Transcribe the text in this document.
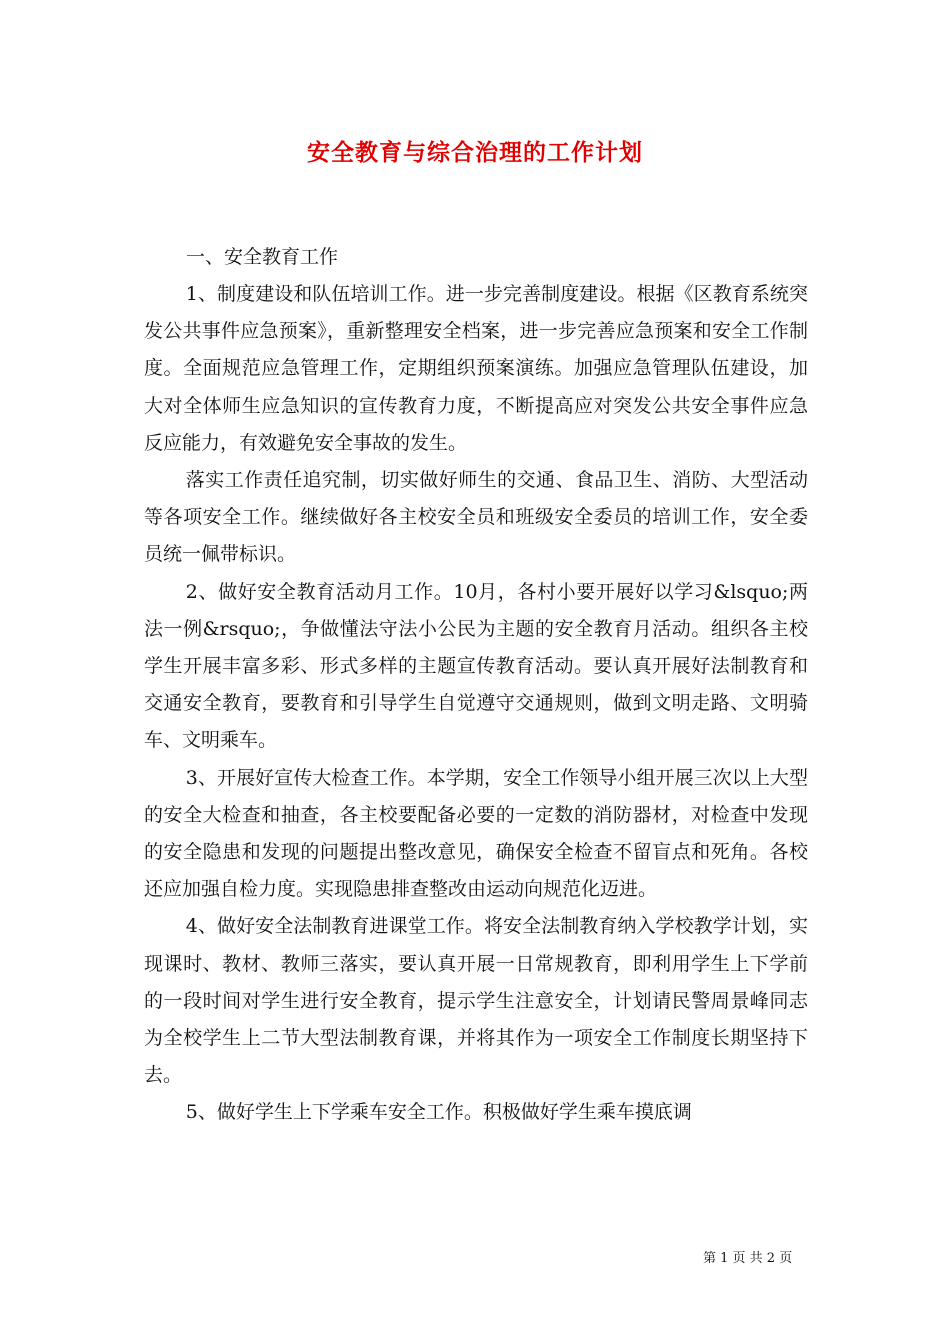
安全教育与综合治理的工作计划

一、安全教育工作

1、制度建设和队伍培训工作。进一步完善制度建设。根据《区教育系统突发公共事件应急预案》，重新整理安全档案，进一步完善应急预案和安全工作制度。全面规范应急管理工作，定期组织预案演练。加强应急管理队伍建设，加大对全体师生应急知识的宣传教育力度，不断提高应对突发公共安全事件应急反应能力，有效避免安全事故的发生。

落实工作责任追究制，切实做好师生的交通、食品卫生、消防、大型活动等各项安全工作。继续做好各主校安全员和班级安全委员的培训工作，安全委员统一佩带标识。

2、做好安全教育活动月工作。10月，各村小要开展好以学习&lsquo;两法一例&rsquo;，争做懂法守法小公民为主题的安全教育月活动。组织各主校学生开展丰富多彩、形式多样的主题宣传教育活动。要认真开展好法制教育和交通安全教育，要教育和引导学生自觉遵守交通规则，做到文明走路、文明骑车、文明乘车。

3、开展好宣传大检查工作。本学期，安全工作领导小组开展三次以上大型的安全大检查和抽查，各主校要配备必要的一定数的消防器材，对检查中发现的安全隐患和发现的问题提出整改意见，确保安全检查不留盲点和死角。各校还应加强自检力度。实现隐患排查整改由运动向规范化迈进。

4、做好安全法制教育进课堂工作。将安全法制教育纳入学校教学计划，实现课时、教材、教师三落实，要认真开展一日常规教育，即利用学生上下学前的一段时间对学生进行安全教育，提示学生注意安全，计划请民警周景峰同志为全校学生上二节大型法制教育课，并将其作为一项安全工作制度长期坚持下去。

5、做好学生上下学乘车安全工作。积极做好学生乘车摸底调

第 1 页 共 2 页
